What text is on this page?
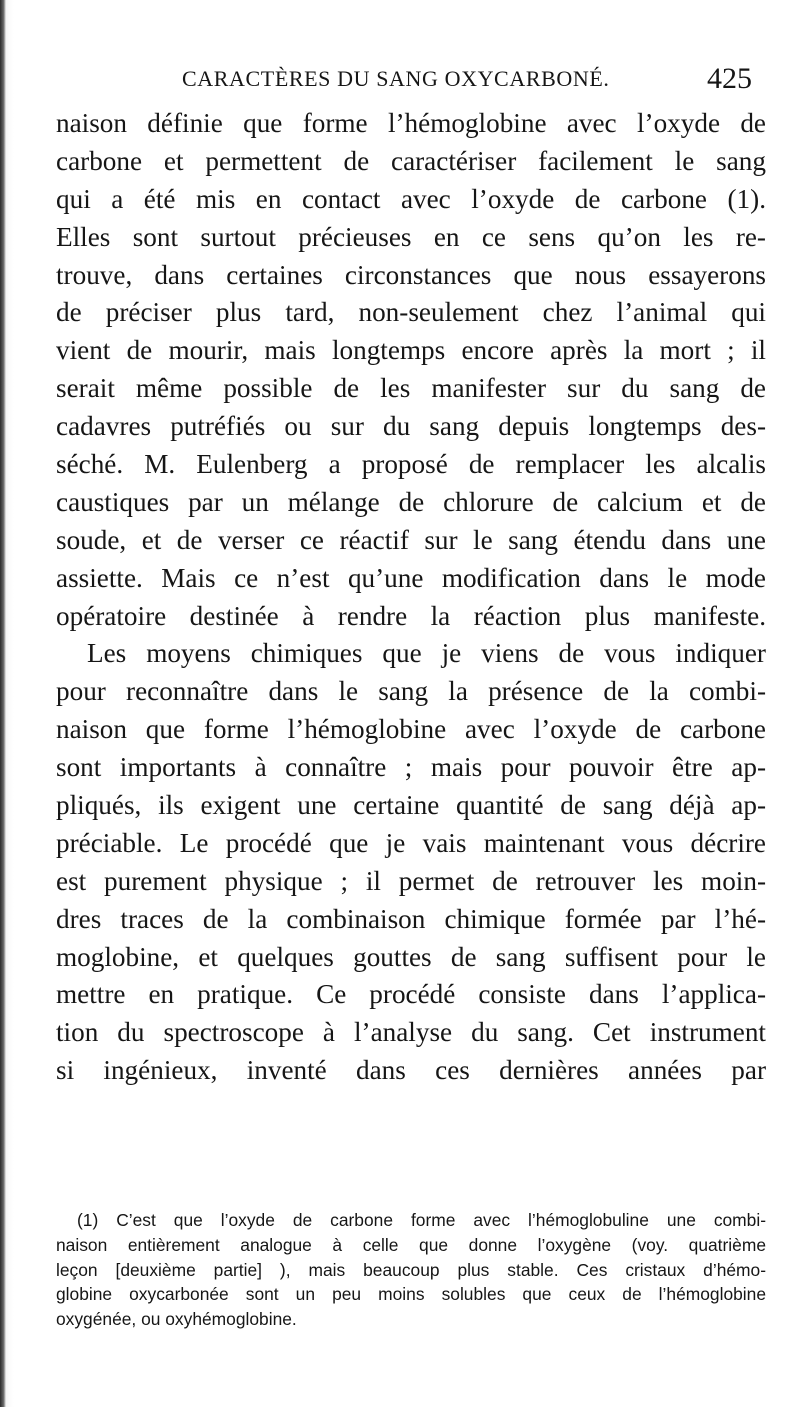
CARACTÈRES DU SANG OXYCARBONÉ.	425
naison définie que forme l’hémoglobine avec l’oxyde de
carbone et permettent de caractériser facilement le sang
qui a été mis en contact avec l’oxyde de carbone (1).
Elles sont surtout précieuses en ce sens qu’on les re-
trouve, dans certaines circonstances que nous essayerons
de préciser plus tard, non-seulement chez l’animal qui
vient de mourir, mais longtemps encore après la mort ; il
serait même possible de les manifester sur du sang de
cadavres putréfiés ou sur du sang depuis longtemps des-
séché. M. Eulenberg a proposé de remplacer les alcalis
caustiques par un mélange de chlorure de calcium et de
soude, et de verser ce réactif sur le sang étendu dans une
assiette. Mais ce n’est qu’une modification dans le mode
opératoire destinée à rendre la réaction plus manifeste.
Les moyens chimiques que je viens de vous indiquer
pour reconnaître dans le sang la présence de la combi-
naison que forme l’hémoglobine avec l’oxyde de carbone
sont importants à connaître ; mais pour pouvoir être ap-
pliqués, ils exigent une certaine quantité de sang déjà ap-
préciable. Le procédé que je vais maintenant vous décrire
est purement physique ; il permet de retrouver les moin-
dres traces de la combinaison chimique formée par l’hé-
moglobine, et quelques gouttes de sang suffisent pour le
mettre en pratique. Ce procédé consiste dans l’applica-
tion du spectroscope à l’analyse du sang. Cet instrument
si ingénieux, inventé dans ces dernières années par
(1) C’est que l’oxyde de carbone forme avec l’hémoglobuline une combi-
naison entièrement analogue à celle que donne l’oxygène (voy. quatrième
leçon [deuxième partie] ), mais beaucoup plus stable. Ces cristaux d’hémo-
globine oxycarbonée sont un peu moins solubles que ceux de l’hémoglobine
oxygénée, ou oxyhémoglobine.
